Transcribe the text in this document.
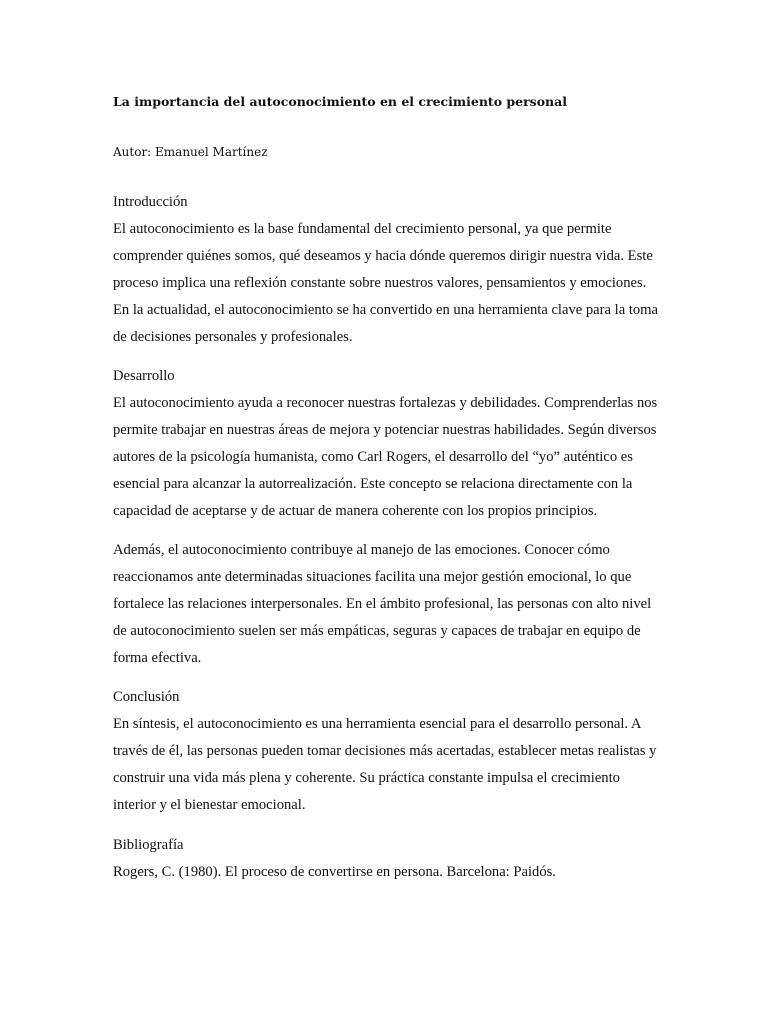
La importancia del autoconocimiento en el crecimiento personal

Autor: Emanuel Martínez

Introducción

El autoconocimiento es la base fundamental del crecimiento personal, ya que permite comprender quiénes somos, qué deseamos y hacia dónde queremos dirigir nuestra vida. Este proceso implica una reflexión constante sobre nuestros valores, pensamientos y emociones. En la actualidad, el autoconocimiento se ha convertido en una herramienta clave para la toma de decisiones personales y profesionales.

Desarrollo

El autoconocimiento ayuda a reconocer nuestras fortalezas y debilidades. Comprenderlas nos permite trabajar en nuestras áreas de mejora y potenciar nuestras habilidades. Según diversos autores de la psicología humanista, como Carl Rogers, el desarrollo del “yo” auténtico es esencial para alcanzar la autorrealización. Este concepto se relaciona directamente con la capacidad de aceptarse y de actuar de manera coherente con los propios principios.

Además, el autoconocimiento contribuye al manejo de las emociones. Conocer cómo reaccionamos ante determinadas situaciones facilita una mejor gestión emocional, lo que fortalece las relaciones interpersonales. En el ámbito profesional, las personas con alto nivel de autoconocimiento suelen ser más empáticas, seguras y capaces de trabajar en equipo de forma efectiva.

Conclusión

En síntesis, el autoconocimiento es una herramienta esencial para el desarrollo personal. A través de él, las personas pueden tomar decisiones más acertadas, establecer metas realistas y construir una vida más plena y coherente. Su práctica constante impulsa el crecimiento interior y el bienestar emocional.

Bibliografía

Rogers, C. (1980). El proceso de convertirse en persona. Barcelona: Paidós.
